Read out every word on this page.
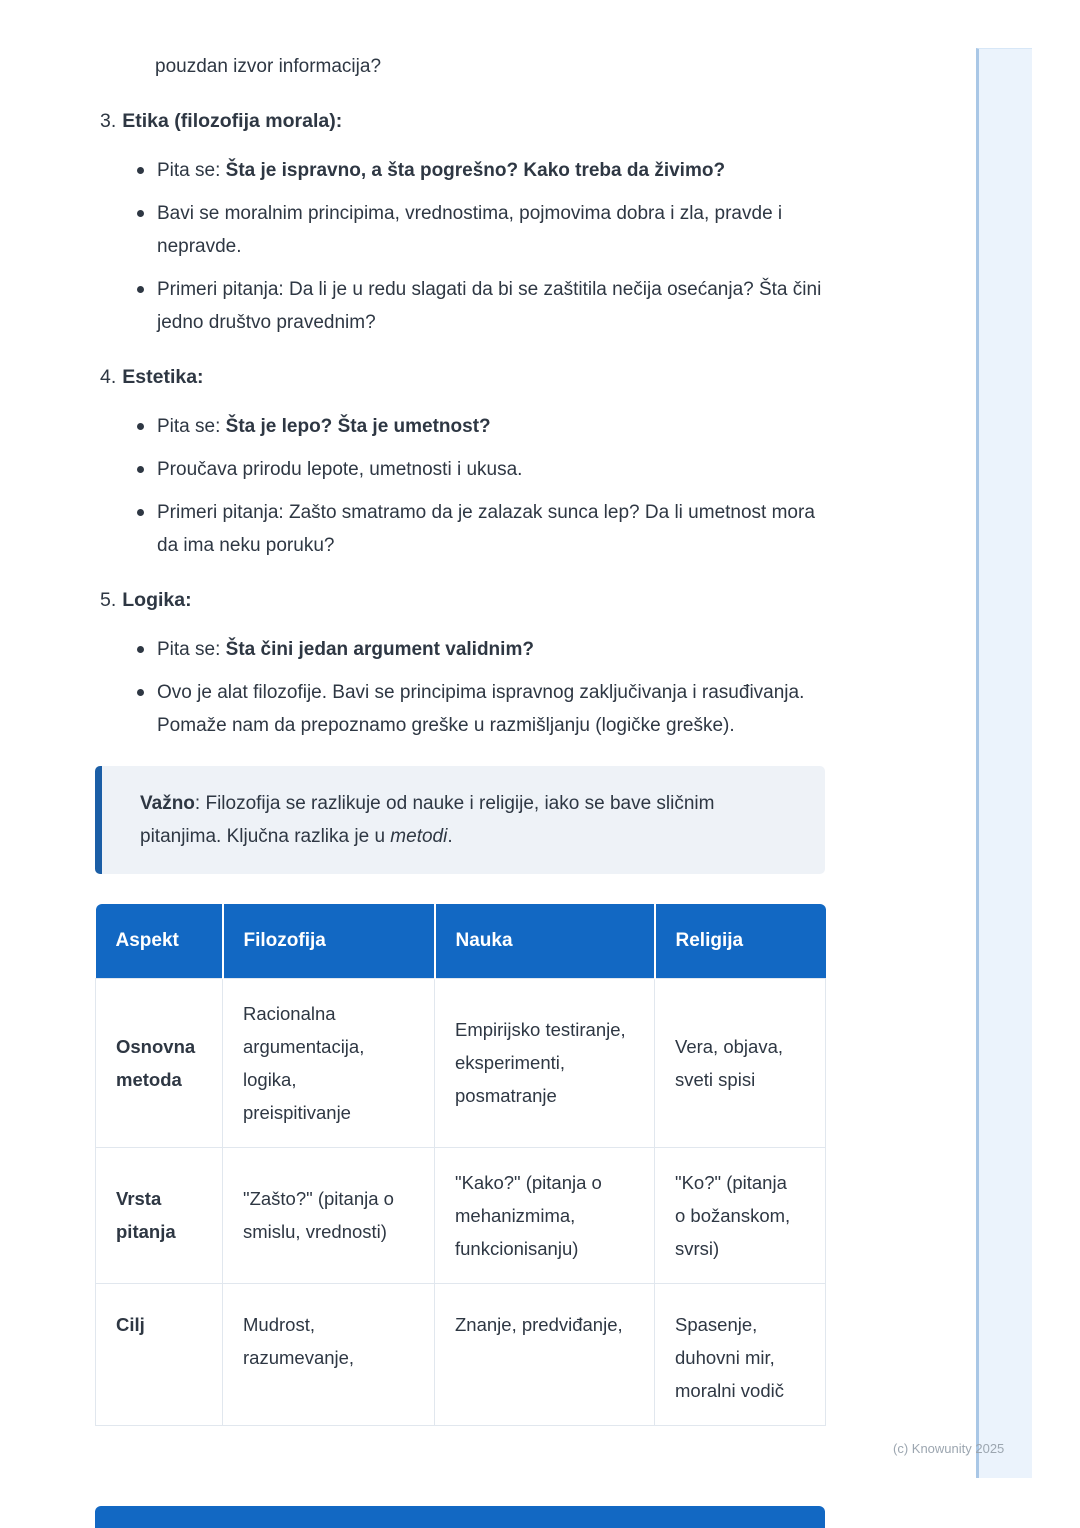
pouzdan izvor informacija?

3. Etika (filozofija morala):
Pita se: Šta je ispravno, a šta pogrešno? Kako treba da živimo?
Bavi se moralnim principima, vrednostima, pojmovima dobra i zla, pravde i nepravde.
Primeri pitanja: Da li je u redu slagati da bi se zaštitila nečija osećanja? Šta čini jedno društvo pravednim?
4. Estetika:
Pita se: Šta je lepo? Šta je umetnost?
Proučava prirodu lepote, umetnosti i ukusa.
Primeri pitanja: Zašto smatramo da je zalazak sunca lep? Da li umetnost mora da ima neku poruku?
5. Logika:
Pita se: Šta čini jedan argument validnim?
Ovo je alat filozofije. Bavi se principima ispravnog zaključivanja i rasuđivanja. Pomaže nam da prepoznamo greške u razmišljanju (logičke greške).
Važno: Filozofija se razlikuje od nauke i religije, iako se bave sličnim pitanjima. Ključna razlika je u metodi.
Aspekt	Filozofija	Nauka	Religija
Osnovna metoda	Racionalna argumentacija, logika, preispitivanje	Empirijsko testiranje, eksperimenti, posmatranje	Vera, objava, sveti spisi
Vrsta pitanja	"Zašto?" (pitanja o smislu, vrednosti)	"Kako?" (pitanja o mehanizmima, funkcionisanju)	"Ko?" (pitanja o božanskom, svrsi)
Cilj	Mudrost, razumevanje,	Znanje, predviđanje,	Spasenje, duhovni mir, moralni vodič
(c) Knowunity 2025
